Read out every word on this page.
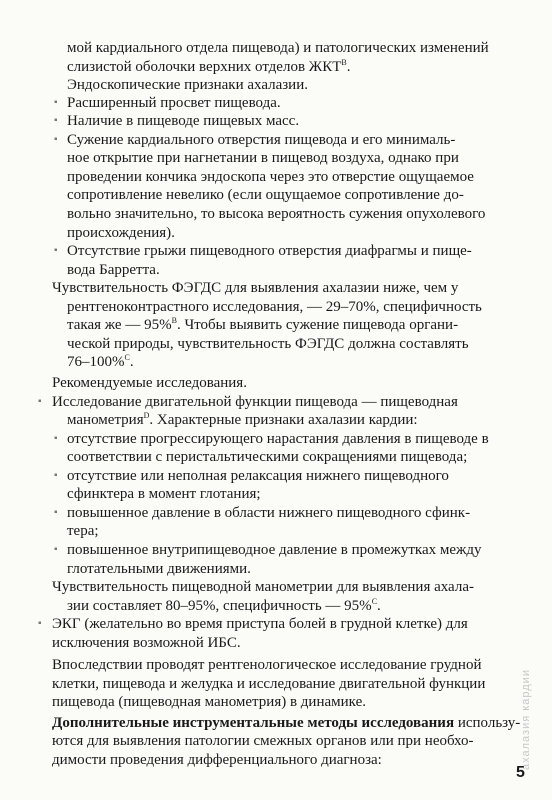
мой кардиального отдела пищевода) и патологических изменений
слизистой оболочки верхних отделов $ЖКТ^B$.
Эндоскопические признаки ахалазии.
▪ Расширенный просвет пищевода.
▪ Наличие в пищеводе пищевых масс.
▪ Сужение кардиального отверстия пищевода и его минималь-
ное открытие при нагнетании в пищевод воздуха, однако при
проведении кончика эндоскопа через это отверстие ощущаемое
сопротивление невелико (если ощущаемое сопротивление до-
вольно значительно, то высока вероятность сужения опухолевого
происхождения).
▪ Отсутствие грыжи пищеводного отверстия диафрагмы и пище-
вода Барретта.
Чувствительность ФЭГДС для выявления ахалазии ниже, чем у
рентгеноконтрастного исследования, — 29–70%, специфичность
такая же — 95%$^B$. Чтобы выявить сужение пищевода органи-
ческой природы, чувствительность ФЭГДС должна составлять
76–100%$^C$.
Рекомендуемые исследования.
▪ Исследование двигательной функции пищевода — пищеводная
манометрия$^D$. Характерные признаки ахалазии кардии:
▪ отсутствие прогрессирующего нарастания давления в пищеводе в
соответствии с перистальтическими сокращениями пищевода;
▪ отсутствие или неполная релаксация нижнего пищеводного
сфинктера в момент глотания;
▪ повышенное давление в области нижнего пищеводного сфинк-
тера;
▪ повышенное внутрипищеводное давление в промежутках между
глотательными движениями.
Чувствительность пищеводной манометрии для выявления ахала-
зии составляет 80–95%, специфичность — 95%$^C$.
▪ ЭКГ (желательно во время приступа болей в грудной клетке) для
исключения возможной ИБС.
Впоследствии проводят рентгенологическое исследование грудной
клетки, пищевода и желудка и исследование двигательной функции
пищевода (пищеводная манометрия) в динамике.
Дополнительные инструментальные методы исследования использу-
ются для выявления патологии смежных органов или при необхо-
димости проведения дифференциального диагноза:	ахалазия кардии
5
